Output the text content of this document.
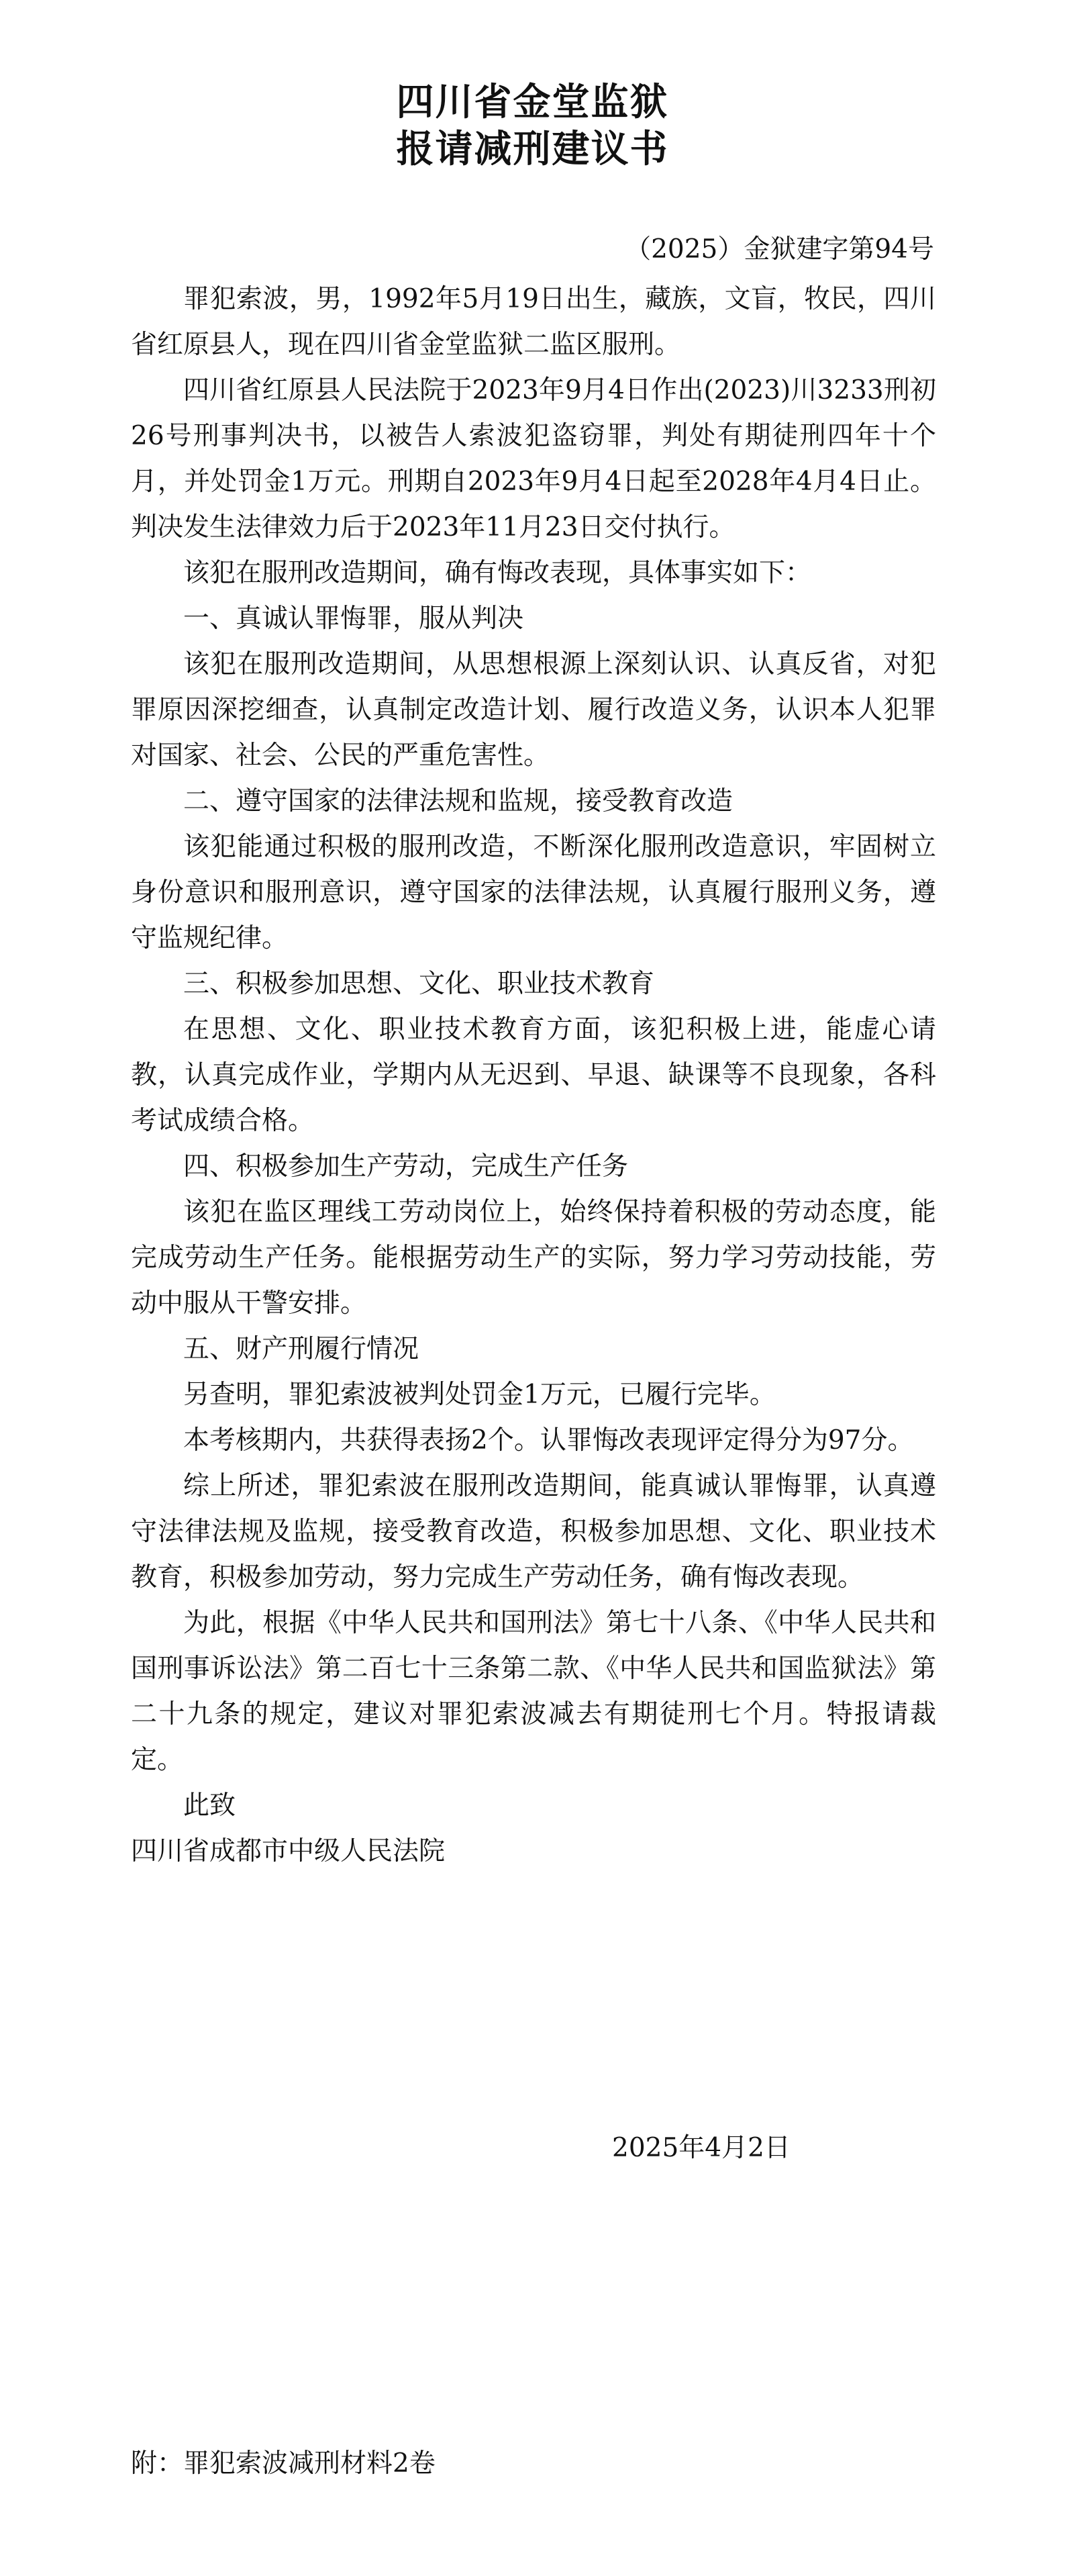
四川省金堂监狱
报请减刑建议书
（2025）金狱建字第94号

罪犯索波，男，1992年5月19日出生，藏族，文盲，牧民，四川省红原县人，现在四川省金堂监狱二监区服刑。

四川省红原县人民法院于2023年9月4日作出(2023)川3233刑初26号刑事判决书，以被告人索波犯盗窃罪，判处有期徒刑四年十个月，并处罚金1万元。刑期自2023年9月4日起至2028年4月4日止。判决发生法律效力后于2023年11月23日交付执行。

该犯在服刑改造期间，确有悔改表现，具体事实如下：

一、真诚认罪悔罪，服从判决

该犯在服刑改造期间，从思想根源上深刻认识、认真反省，对犯罪原因深挖细查，认真制定改造计划、履行改造义务，认识本人犯罪对国家、社会、公民的严重危害性。

二、遵守国家的法律法规和监规，接受教育改造

该犯能通过积极的服刑改造，不断深化服刑改造意识，牢固树立身份意识和服刑意识，遵守国家的法律法规，认真履行服刑义务，遵守监规纪律。

三、积极参加思想、文化、职业技术教育

在思想、文化、职业技术教育方面，该犯积极上进，能虚心请教，认真完成作业，学期内从无迟到、早退、缺课等不良现象，各科考试成绩合格。

四、积极参加生产劳动，完成生产任务

该犯在监区理线工劳动岗位上，始终保持着积极的劳动态度，能完成劳动生产任务。能根据劳动生产的实际，努力学习劳动技能，劳动中服从干警安排。

五、财产刑履行情况

另查明，罪犯索波被判处罚金1万元，已履行完毕。

本考核期内，共获得表扬2个。认罪悔改表现评定得分为97分。

综上所述，罪犯索波在服刑改造期间，能真诚认罪悔罪，认真遵守法律法规及监规，接受教育改造，积极参加思想、文化、职业技术教育，积极参加劳动，努力完成生产劳动任务，确有悔改表现。

为此，根据《中华人民共和国刑法》第七十八条、《中华人民共和国刑事诉讼法》第二百七十三条第二款、《中华人民共和国监狱法》第二十九条的规定，建议对罪犯索波减去有期徒刑七个月。特报请裁定。

此致

四川省成都市中级人民法院

2025年4月2日
附：罪犯索波减刑材料2卷
